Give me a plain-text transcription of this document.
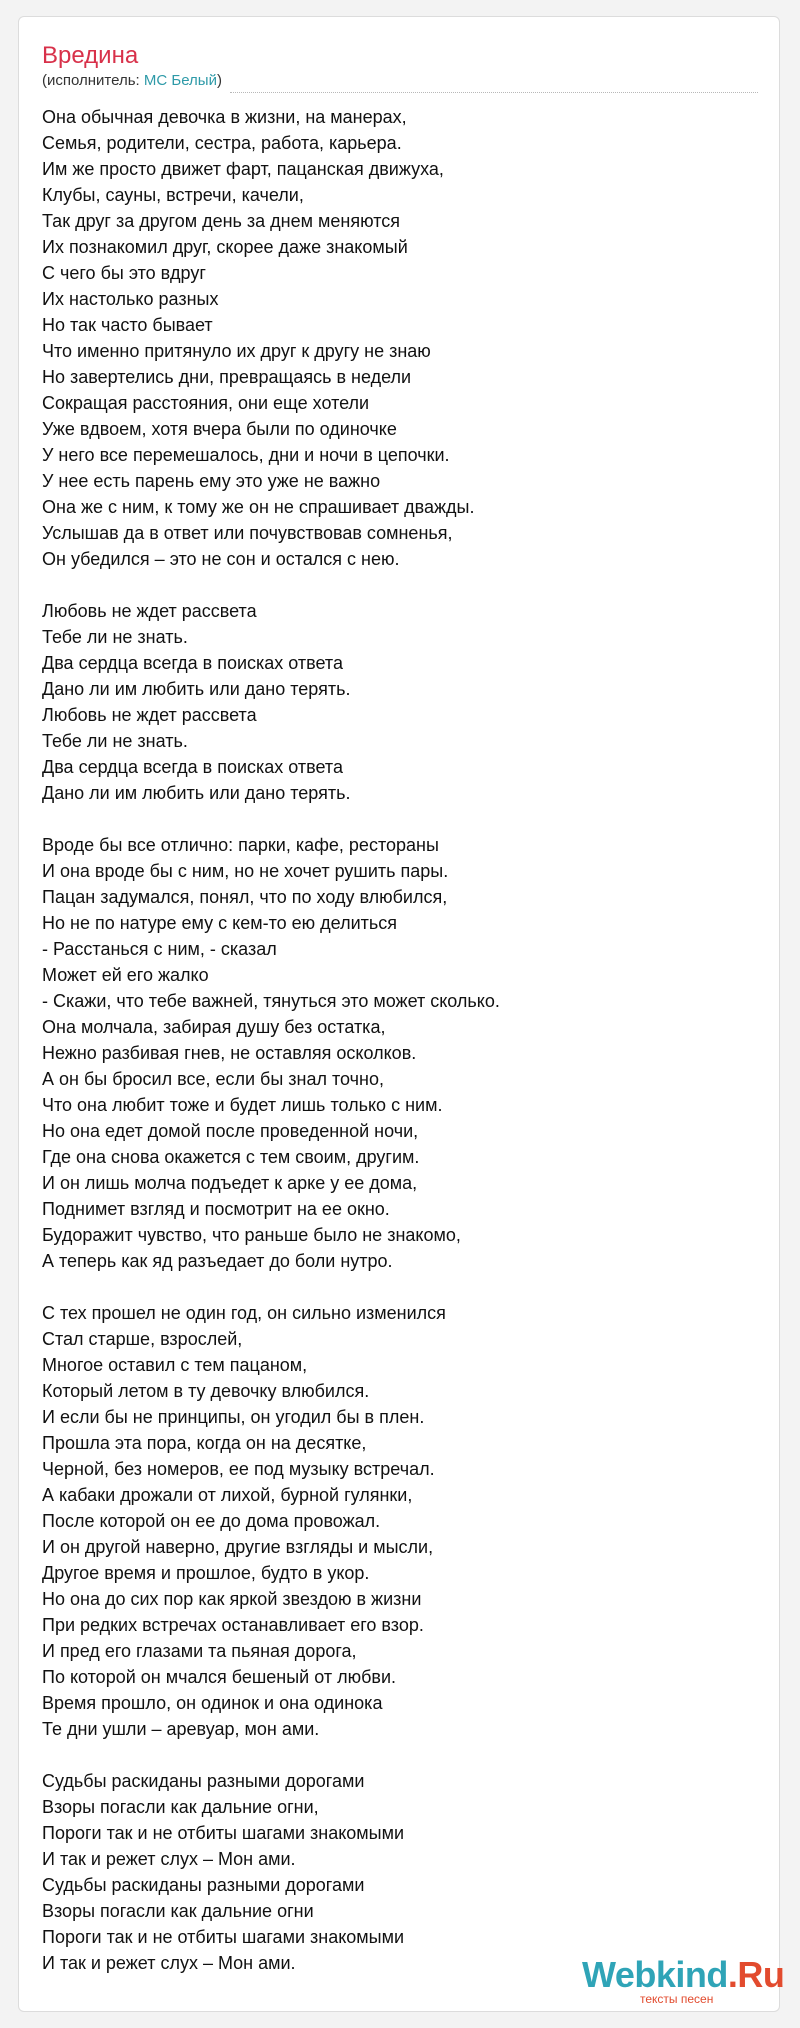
Вредина
(исполнитель: MC Белый)
Она обычная девочка в жизни, на манерах,
Семья, родители, сестра, работа, карьера.
Им же просто движет фарт, пацанская движуха,
Клубы, сауны, встречи, качели,
Так друг за другом день за днем меняются
Их познакомил друг, скорее даже знакомый
С чего бы это вдруг
Их настолько разных
Но так часто бывает
Что именно притянуло их друг к другу не знаю
Но завертелись дни, превращаясь в недели
Сокращая расстояния, они еще хотели
Уже вдвоем, хотя вчера были по одиночке
У него все перемешалось, дни и ночи в цепочки.
У нее есть парень ему это уже не важно
Она же с ним, к тому же он не спрашивает дважды.
Услышав да в ответ или почувствовав сомненья,
Он убедился – это не сон и остался с нею.
Любовь не ждет рассвета
Тебе ли не знать.
Два сердца всегда в поисках ответа
Дано ли им любить или дано терять.
Любовь не ждет рассвета
Тебе ли не знать.
Два сердца всегда в поисках ответа
Дано ли им любить или дано терять.
Вроде бы все отлично: парки, кафе, рестораны
И она вроде бы с ним, но не хочет рушить пары.
Пацан задумался, понял, что по ходу влюбился,
Но не по натуре ему с кем-то ею делиться
- Расстанься с ним, - сказал
Может ей его жалко
- Скажи, что тебе важней, тянуться это может сколько.
Она молчала, забирая душу без остатка,
Нежно разбивая гнев, не оставляя осколков.
А он бы бросил все, если бы знал точно,
Что она любит тоже и будет лишь только с ним.
Но она едет домой после проведенной ночи,
Где она снова окажется с тем своим, другим.
И он лишь молча подъедет к арке у ее дома,
Поднимет взгляд и посмотрит на ее окно.
Будоражит чувство, что раньше было не знакомо,
А теперь как яд разъедает до боли нутро.
С тех прошел не один год, он сильно изменился
Стал старше, взрослей,
Многое оставил с тем пацаном,
Который летом в ту девочку влюбился.
И если бы не принципы, он угодил бы в плен.
Прошла эта пора, когда он на десятке,
Черной, без номеров, ее под музыку встречал.
А кабаки дрожали от лихой, бурной гулянки,
После которой он ее до дома провожал.
И он другой наверно, другие взгляды и мысли,
Другое время и прошлое, будто в укор.
Но она до сих пор как яркой звездою в жизни
При редких встречах останавливает его взор.
И пред его глазами та пьяная дорога,
По которой он мчался бешеный от любви.
Время прошло, он одинок и она одинока
Те дни ушли – аревуар, мон ами.
Судьбы раскиданы разными дорогами
Взоры погасли как дальние огни,
Пороги так и не отбиты шагами знакомыми
И так и режет слух – Мон ами.
Судьбы раскиданы разными дорогами
Взоры погасли как дальние огни
Пороги так и не отбиты шагами знакомыми
И так и режет слух – Мон ами.	Webkind.Ru
тексты песен
